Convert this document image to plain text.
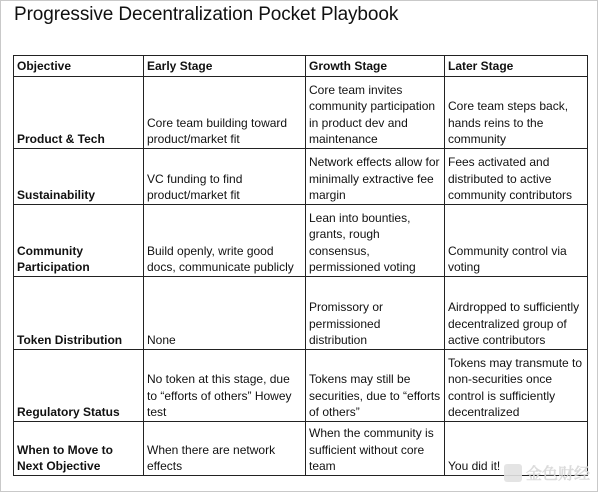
Progressive Decentralization Pocket Playbook
Objective	Early Stage	Growth Stage	Later Stage
Product & Tech	Core team building toward product/market fit	Core team invites community participation in product dev and maintenance	Core team steps back, hands reins to the community
Sustainability	VC funding to find product/market fit	Network effects allow for minimally extractive fee margin	Fees activated and distributed to active community contributors
Community Participation	Build openly, write good docs, communicate publicly	Lean into bounties, grants, rough consensus, permissioned voting	Community control via voting
Token Distribution	None	Promissory or permissioned distribution	Airdropped to sufficiently decentralized group of active contributors
Regulatory Status	No token at this stage, due to “efforts of others” Howey test	Tokens may still be securities, due to “efforts of others”	Tokens may transmute to non-securities once control is sufficiently decentralized
When to Move to Next Objective	When there are network effects	When the community is sufficient without core team	You did it!
金色财经
